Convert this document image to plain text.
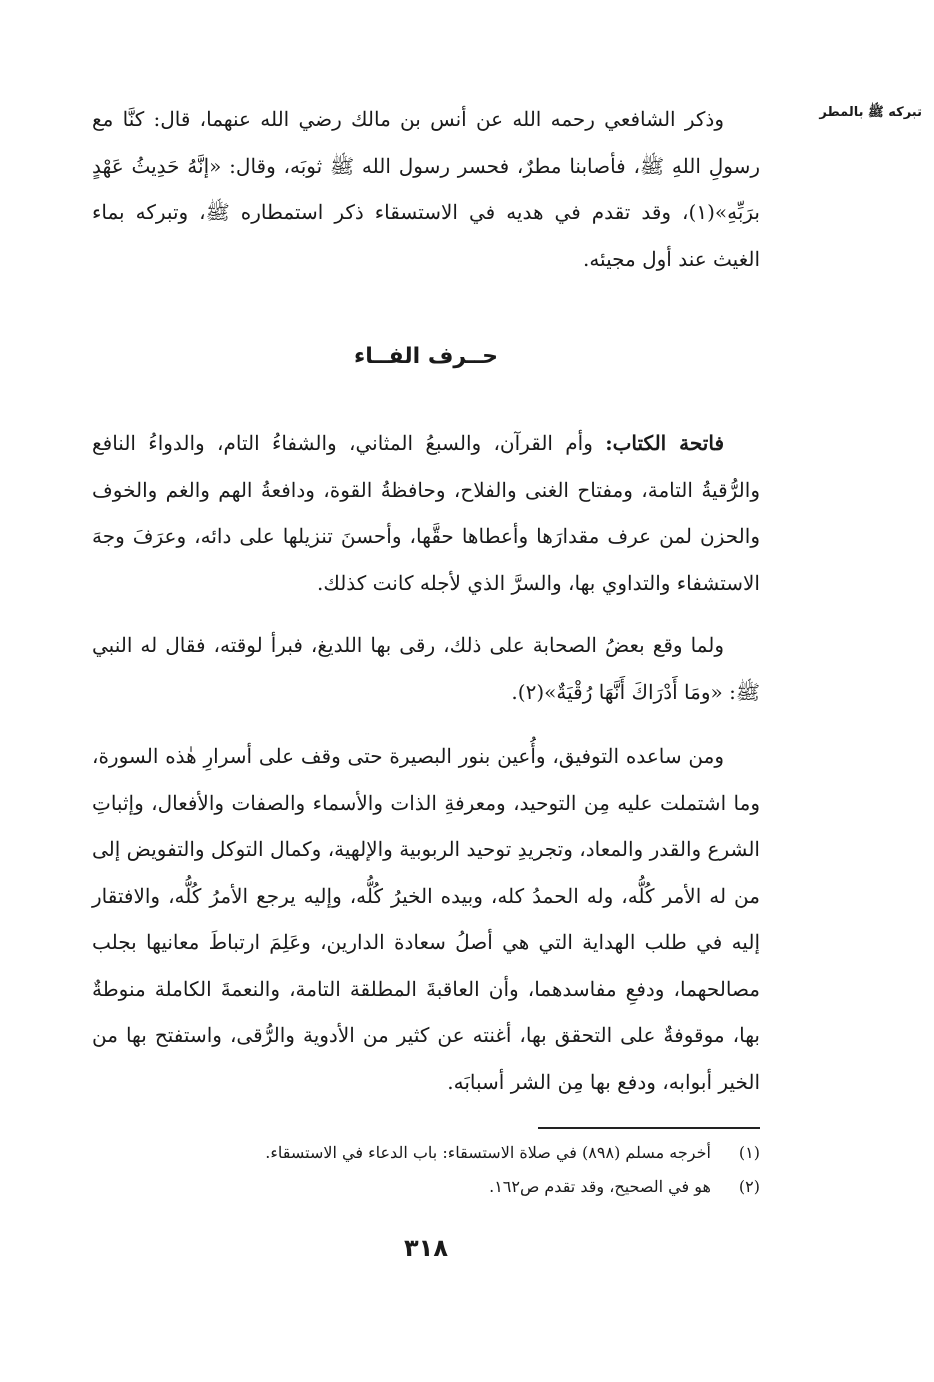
تبركه ﷺ بالمطر

وذكر الشافعي رحمه الله عن أنس بن مالك رضي الله عنهما، قال: كنَّا مع رسولِ اللهِ ﷺ، فأصابنا مطرٌ، فحسر رسول الله ﷺ ثوبَه، وقال: «إنَّهُ حَدِيثُ عَهْدٍ برَبِّهِ»(١)، وقد تقدم في هديه في الاستسقاء ذكر استمطاره ﷺ، وتبركه بماء الغيث عند أول مجيئه.

حــرف الفــاء

فاتحة الكتاب: وأم القرآن، والسبعُ المثاني، والشفاءُ التام، والدواءُ النافع والرُّقيةُ التامة، ومفتاح الغنى والفلاح، وحافظةُ القوة، ودافعةُ الهم والغم والخوف والحزن لمن عرف مقدارَها وأعطاها حقَّها، وأحسنَ تنزيلها على دائه، وعرَفَ وجهَ الاستشفاء والتداوي بها، والسرَّ الذي لأجله كانت كذلك.

ولما وقع بعضُ الصحابة على ذلك، رقى بها اللديغ، فبرأ لوقته، فقال له النبي ﷺ: «ومَا أَدْرَاكَ أَنَّهَا رُقْيَةٌ»(٢).

ومن ساعده التوفيق، وأُعين بنور البصيرة حتى وقف على أسرارِ هٰذه السورة، وما اشتملت عليه مِن التوحيد، ومعرفةِ الذات والأسماء والصفات والأفعال، وإثباتِ الشرع والقدر والمعاد، وتجريدِ توحيد الربوبية والإلهية، وكمال التوكل والتفويض إلى من له الأمر كُلُّه، وله الحمدُ كله، وبيده الخيرُ كُلُّه، وإليه يرجع الأمرُ كُلُّه، والافتقار إليه في طلب الهداية التي هي أصلُ سعادة الدارين، وعَلِمَ ارتباطَ معانيها بجلب مصالحهما، ودفعِ مفاسدهما، وأن العاقبةَ المطلقة التامة، والنعمةَ الكاملة منوطةٌ بها، موقوفةٌ على التحقق بها، أغنته عن كثير من الأدوية والرُّقى، واستفتح بها من الخير أبوابه، ودفع بها مِن الشر أسبابَه.

(١) أخرجه مسلم (٨٩٨) في صلاة الاستسقاء: باب الدعاء في الاستسقاء.
(٢) هو في الصحيح، وقد تقدم ص١٦٢.
٣١٨
